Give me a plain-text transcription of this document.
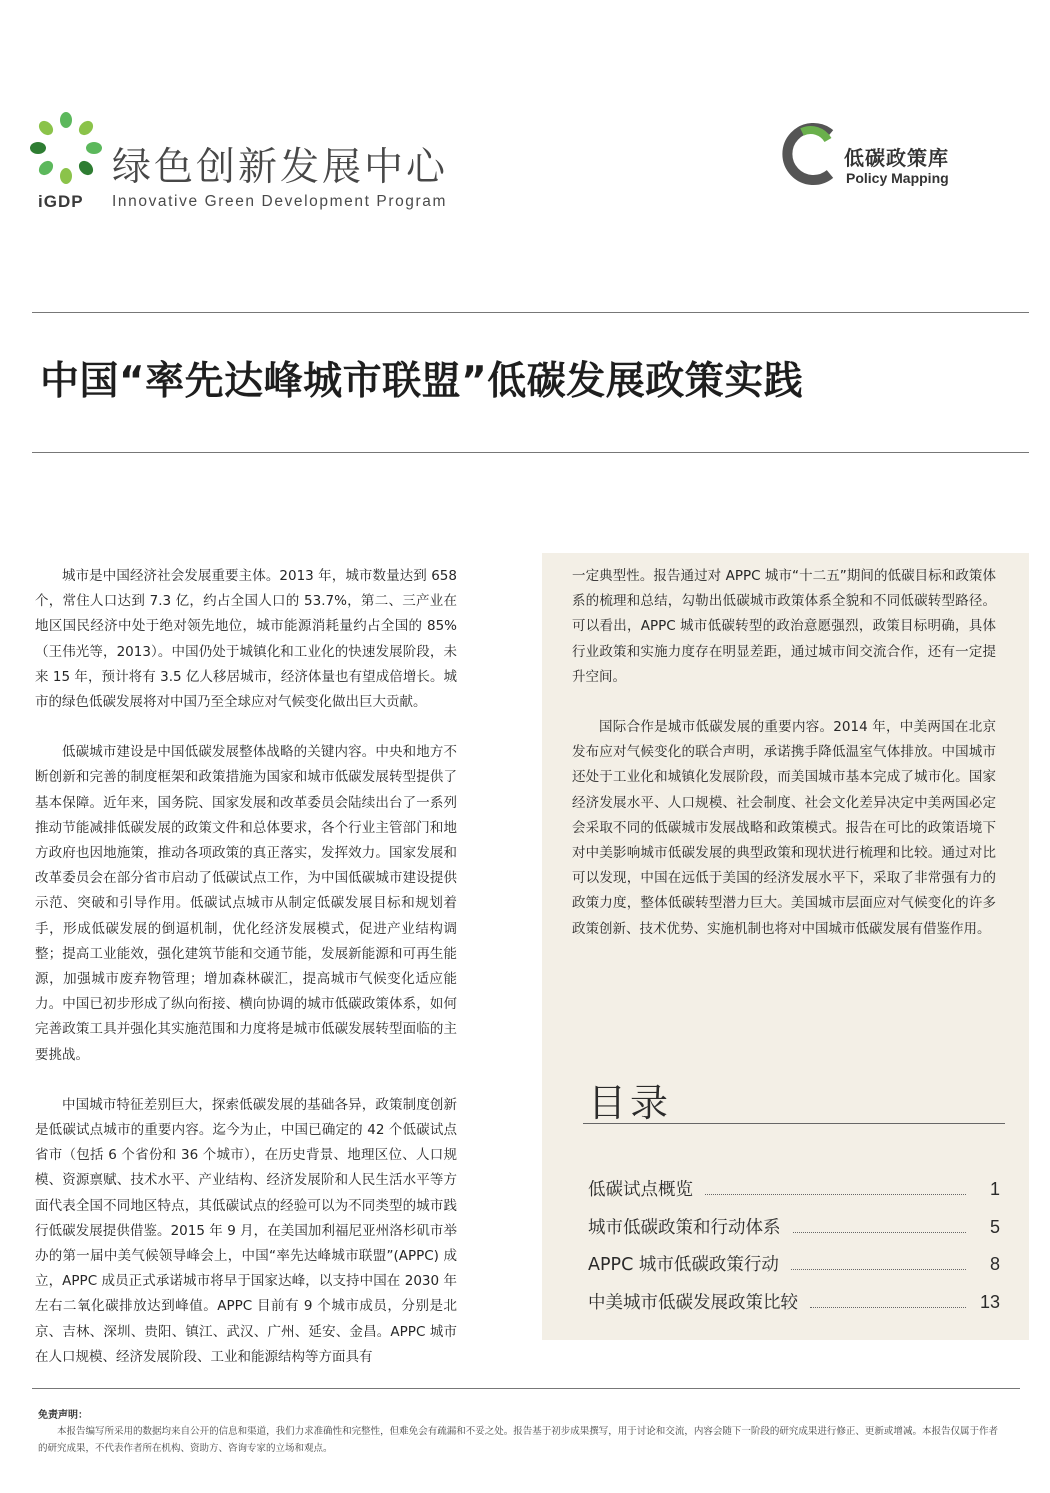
绿色创新发展中心
iGDP Innovative Green Development Program
低碳政策库
Policy Mapping
中国“率先达峰城市联盟”低碳发展政策实践

城市是中国经济社会发展重要主体。2013 年，城市数量达到 658 个，常住人口达到 7.3 亿，约占全国人口的 53.7%，第二、三产业在地区国民经济中处于绝对领先地位，城市能源消耗量约占全国的 85%（王伟光等，2013）。中国仍处于城镇化和工业化的快速发展阶段，未来 15 年，预计将有 3.5 亿人移居城市，经济体量也有望成倍增长。城市的绿色低碳发展将对中国乃至全球应对气候变化做出巨大贡献。

低碳城市建设是中国低碳发展整体战略的关键内容。中央和地方不断创新和完善的制度框架和政策措施为国家和城市低碳发展转型提供了基本保障。近年来，国务院、国家发展和改革委员会陆续出台了一系列推动节能减排低碳发展的政策文件和总体要求，各个行业主管部门和地方政府也因地施策，推动各项政策的真正落实，发挥效力。国家发展和改革委员会在部分省市启动了低碳试点工作，为中国低碳城市建设提供示范、突破和引导作用。低碳试点城市从制定低碳发展目标和规划着手，形成低碳发展的倒逼机制，优化经济发展模式，促进产业结构调整；提高工业能效，强化建筑节能和交通节能，发展新能源和可再生能源，加强城市废弃物管理；增加森林碳汇，提高城市气候变化适应能力。中国已初步形成了纵向衔接、横向协调的城市低碳政策体系，如何完善政策工具并强化其实施范围和力度将是城市低碳发展转型面临的主要挑战。

中国城市特征差别巨大，探索低碳发展的基础各异，政策制度创新是低碳试点城市的重要内容。迄今为止，中国已确定的 42 个低碳试点省市（包括 6 个省份和 36 个城市），在历史背景、地理区位、人口规模、资源禀赋、技术水平、产业结构、经济发展阶和人民生活水平等方面代表全国不同地区特点，其低碳试点的经验可以为不同类型的城市践行低碳发展提供借鉴。2015 年 9 月，在美国加利福尼亚州洛杉矶市举办的第一届中美气候领导峰会上，中国“率先达峰城市联盟”(APPC) 成立，APPC 成员正式承诺城市将早于国家达峰，以支持中国在 2030 年左右二氧化碳排放达到峰值。APPC 目前有 9 个城市成员，分别是北京、吉林、深圳、贵阳、镇江、武汉、广州、延安、金昌。APPC 城市在人口规模、经济发展阶段、工业和能源结构等方面具有

一定典型性。报告通过对 APPC 城市“十二五”期间的低碳目标和政策体系的梳理和总结，勾勒出低碳城市政策体系全貌和不同低碳转型路径。可以看出，APPC 城市低碳转型的政治意愿强烈，政策目标明确，具体行业政策和实施力度存在明显差距，通过城市间交流合作，还有一定提升空间。

国际合作是城市低碳发展的重要内容。2014 年，中美两国在北京发布应对气候变化的联合声明，承诺携手降低温室气体排放。中国城市还处于工业化和城镇化发展阶段，而美国城市基本完成了城市化。国家经济发展水平、人口规模、社会制度、社会文化差异决定中美两国必定会采取不同的低碳城市发展战略和政策模式。报告在可比的政策语境下对中美影响城市低碳发展的典型政策和现状进行梳理和比较。通过对比可以发现，中国在远低于美国的经济发展水平下，采取了非常强有力的政策力度，整体低碳转型潜力巨大。美国城市层面应对气候变化的许多政策创新、技术优势、实施机制也将对中国城市低碳发展有借鉴作用。

目录
低碳试点概览	1
城市低碳政策和行动体系	5
APPC 城市低碳政策行动	8
中美城市低碳发展政策比较	13
免责声明：
本报告编写所采用的数据均来自公开的信息和渠道，我们力求准确性和完整性，但难免会有疏漏和不妥之处。报告基于初步成果撰写，用于讨论和交流，内容会随下一阶段的研究成果进行修正、更新或增减。本报告仅属于作者的研究成果，不代表作者所在机构、资助方、咨询专家的立场和观点。
